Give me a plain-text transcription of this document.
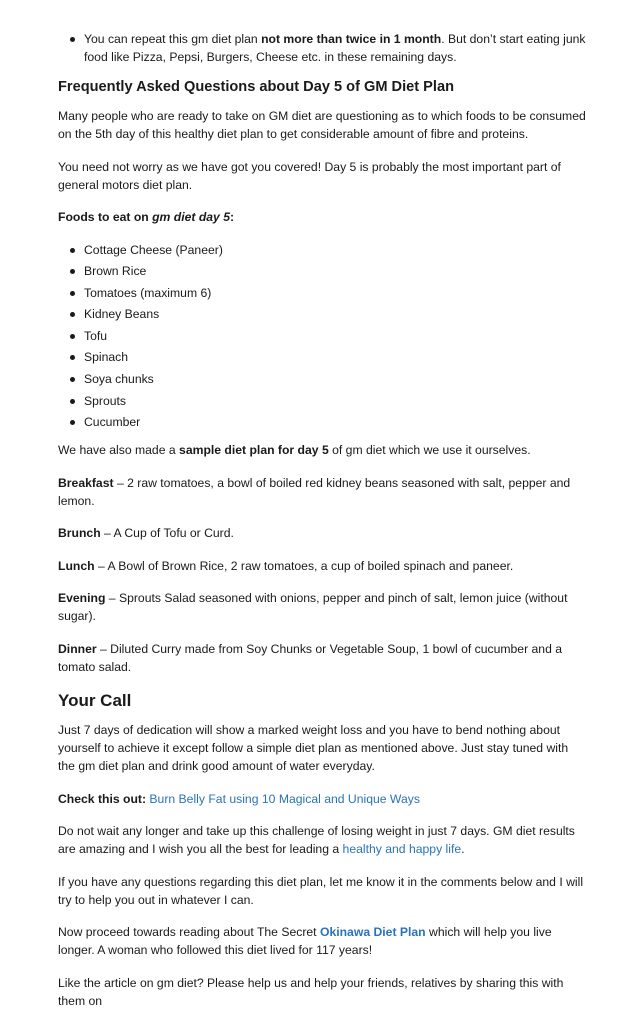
You can repeat this gm diet plan not more than twice in 1 month. But don’t start eating junk food like Pizza, Pepsi, Burgers, Cheese etc. in these remaining days.
Frequently Asked Questions about Day 5 of GM Diet Plan

Many people who are ready to take on GM diet are questioning as to which foods to be consumed on the 5th day of this healthy diet plan to get considerable amount of fibre and proteins.

You need not worry as we have got you covered! Day 5 is probably the most important part of general motors diet plan.

Foods to eat on gm diet day 5:

Cottage Cheese (Paneer)
Brown Rice
Tomatoes (maximum 6)
Kidney Beans
Tofu
Spinach
Soya chunks
Sprouts
Cucumber

We have also made a sample diet plan for day 5 of gm diet which we use it ourselves.

Breakfast – 2 raw tomatoes, a bowl of boiled red kidney beans seasoned with salt, pepper and lemon.

Brunch – A Cup of Tofu or Curd.

Lunch – A Bowl of Brown Rice, 2 raw tomatoes, a cup of boiled spinach and paneer.

Evening – Sprouts Salad seasoned with onions, pepper and pinch of salt, lemon juice (without sugar).

Dinner – Diluted Curry made from Soy Chunks or Vegetable Soup, 1 bowl of cucumber and a tomato salad.

Your Call

Just 7 days of dedication will show a marked weight loss and you have to bend nothing about yourself to achieve it except follow a simple diet plan as mentioned above. Just stay tuned with the gm diet plan and drink good amount of water everyday.

Check this out: Burn Belly Fat using 10 Magical and Unique Ways

Do not wait any longer and take up this challenge of losing weight in just 7 days. GM diet results are amazing and I wish you all the best for leading a healthy and happy life.

If you have any questions regarding this diet plan, let me know it in the comments below and I will try to help you out in whatever I can.

Now proceed towards reading about The Secret Okinawa Diet Plan which will help you live longer. A woman who followed this diet lived for 117 years!

Like the article on gm diet? Please help us and help your friends, relatives by sharing this with them on
